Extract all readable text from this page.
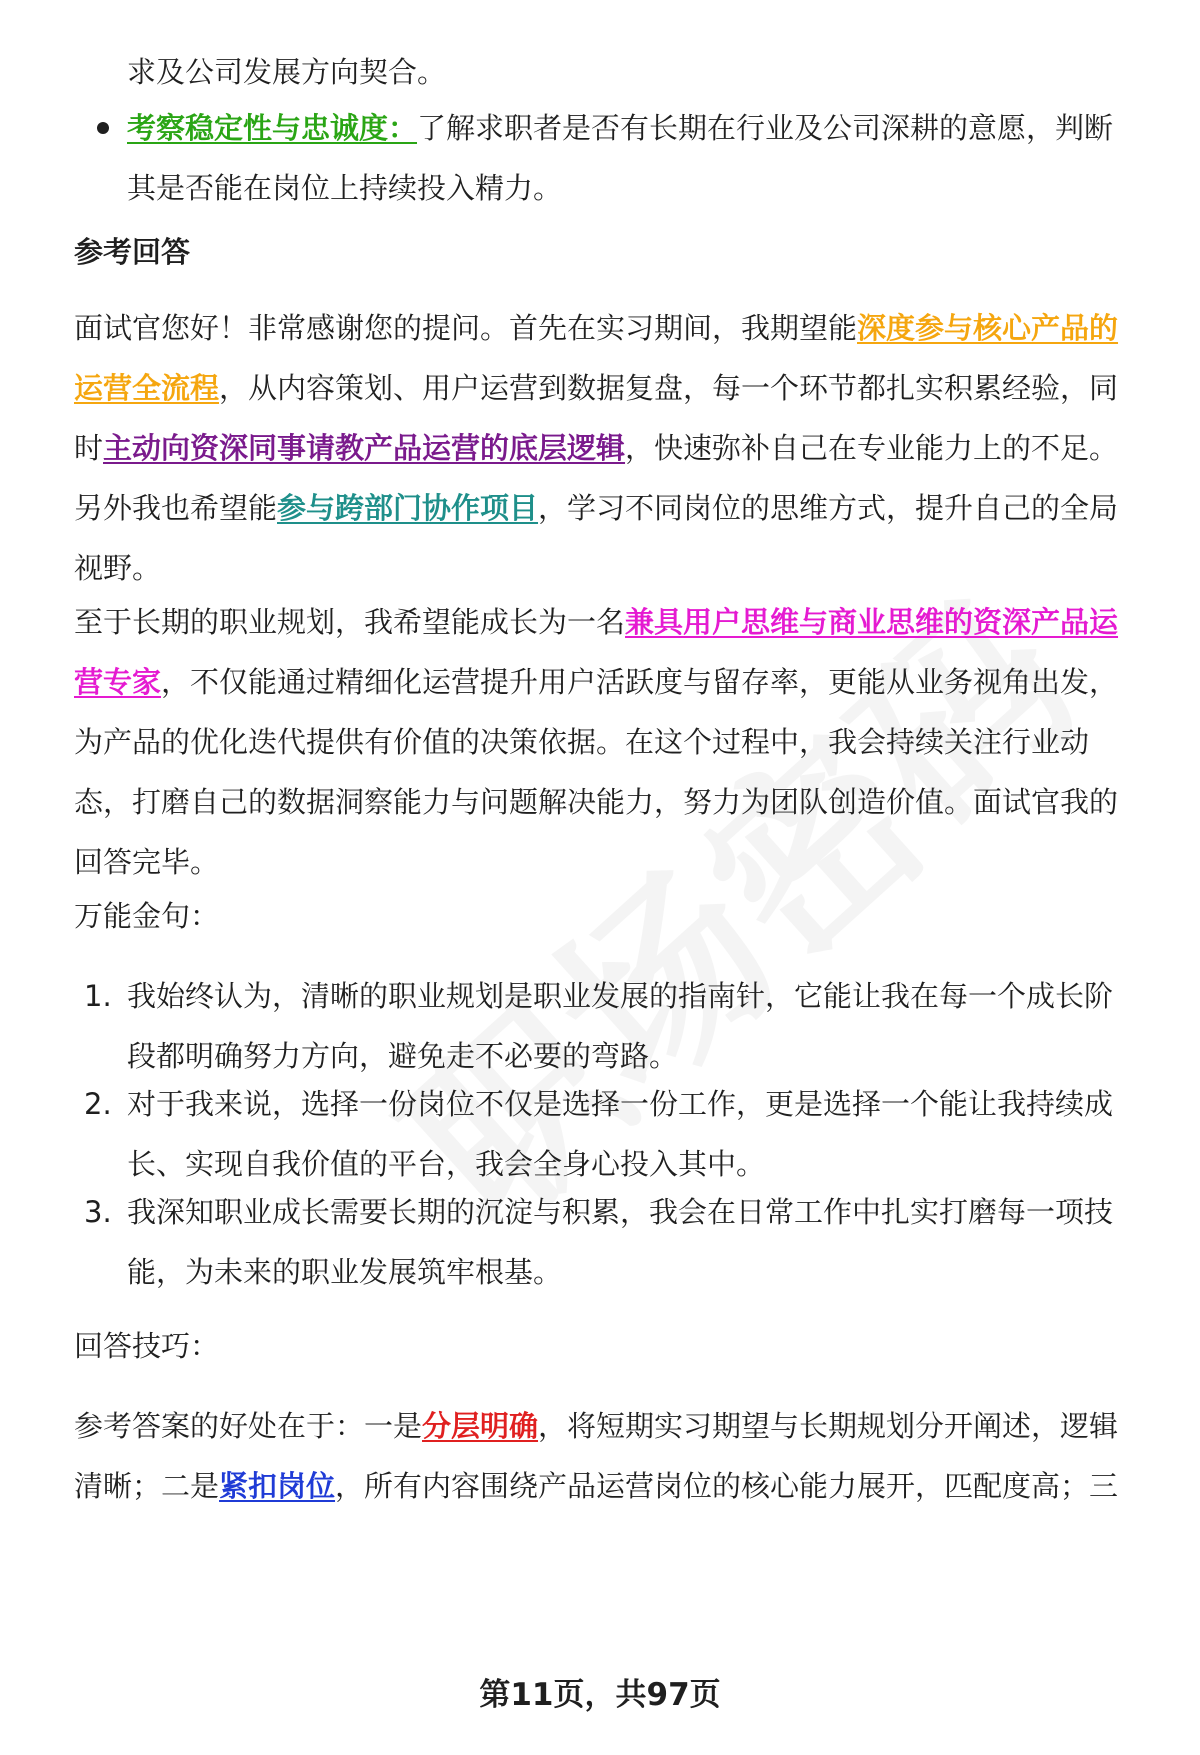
求及公司发展方向契合。
考察稳定性与忠诚度：了解求职者是否有长期在行业及公司深耕的意愿，判断
其是否能在岗位上持续投入精力。
参考回答
面试官您好！非常感谢您的提问。首先在实习期间，我期望能深度参与核心产品的
运营全流程，从内容策划、用户运营到数据复盘，每一个环节都扎实积累经验，同
时主动向资深同事请教产品运营的底层逻辑，快速弥补自己在专业能力上的不足。
另外我也希望能参与跨部门协作项目，学习不同岗位的思维方式，提升自己的全局
视野。
至于长期的职业规划，我希望能成长为一名兼具用户思维与商业思维的资深产品运
营专家，不仅能通过精细化运营提升用户活跃度与留存率，更能从业务视角出发，
为产品的优化迭代提供有价值的决策依据。在这个过程中，我会持续关注行业动
态，打磨自己的数据洞察能力与问题解决能力，努力为团队创造价值。面试官我的
回答完毕。
万能金句：
1. 我始终认为，清晰的职业规划是职业发展的指南针，它能让我在每一个成长阶
段都明确努力方向，避免走不必要的弯路。
2. 对于我来说，选择一份岗位不仅是选择一份工作，更是选择一个能让我持续成
长、实现自我价值的平台，我会全身心投入其中。
3. 我深知职业成长需要长期的沉淀与积累，我会在日常工作中扎实打磨每一项技
能，为未来的职业发展筑牢根基。
回答技巧：
参考答案的好处在于：一是分层明确，将短期实习期望与长期规划分开阐述，逻辑
清晰；二是紧扣岗位，所有内容围绕产品运营岗位的核心能力展开，匹配度高；三
第11页，共97页
